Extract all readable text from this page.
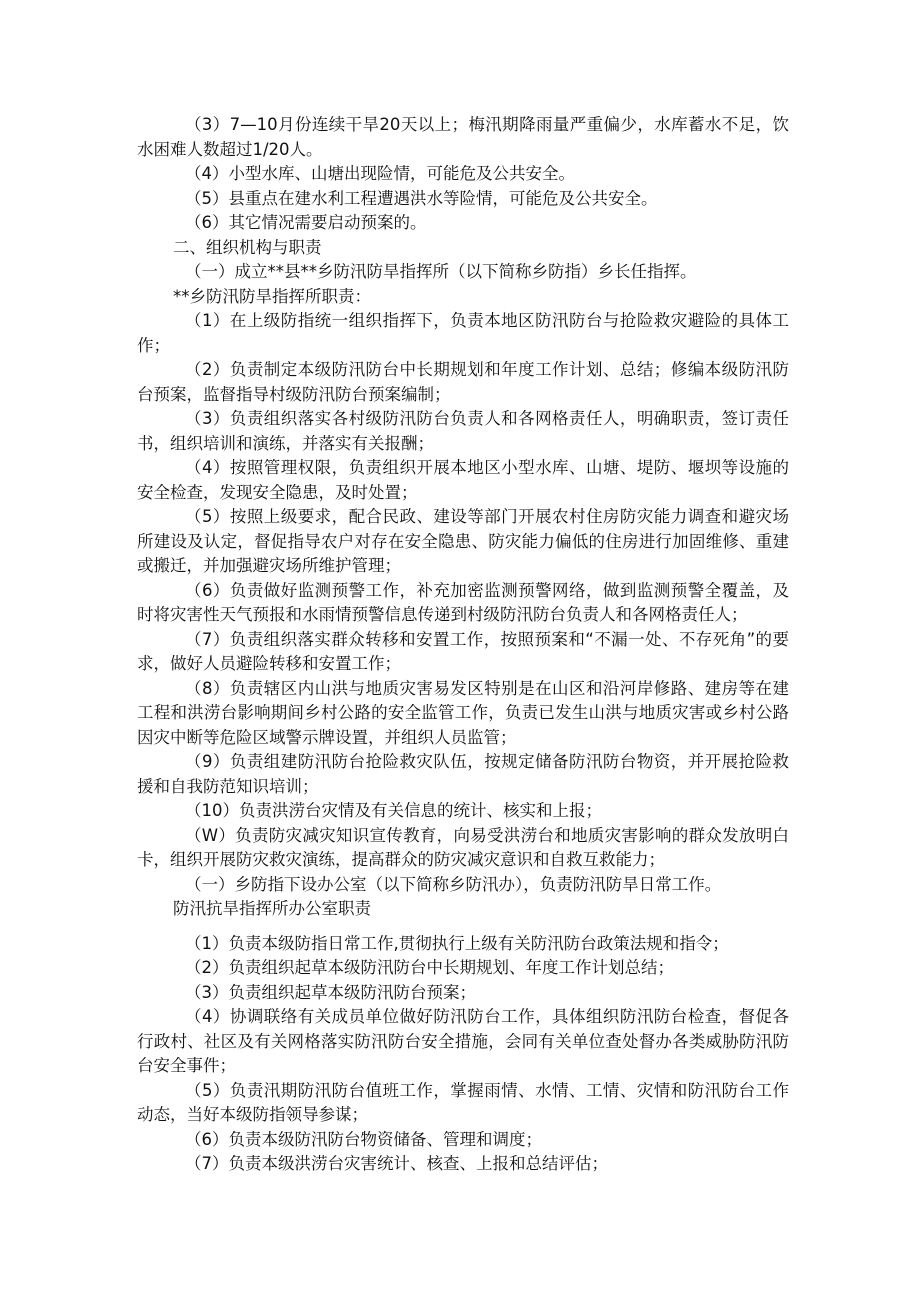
（3）7—10月份连续干旱20天以上；梅汛期降雨量严重偏少，水库蓄水不足，饮水困难人数超过1/20人。

（4）小型水库、山塘出现险情，可能危及公共安全。

（5）县重点在建水利工程遭遇洪水等险情，可能危及公共安全。

（6）其它情况需要启动预案的。

二、组织机构与职责

（一）成立**县**乡防汛防旱指挥所（以下简称乡防指）乡长任指挥。

**乡防汛防旱指挥所职责：

（1）在上级防指统一组织指挥下，负责本地区防汛防台与抢险救灾避险的具体工作；

（2）负责制定本级防汛防台中长期规划和年度工作计划、总结；修编本级防汛防台预案，监督指导村级防汛防台预案编制；

（3）负责组织落实各村级防汛防台负责人和各网格责任人，明确职责，签订责任书，组织培训和演练，并落实有关报酬；

（4）按照管理权限，负责组织开展本地区小型水库、山塘、堤防、堰坝等设施的安全检查，发现安全隐患，及时处置；

（5）按照上级要求，配合民政、建设等部门开展农村住房防灾能力调查和避灾场所建设及认定，督促指导农户对存在安全隐患、防灾能力偏低的住房进行加固维修、重建或搬迁，并加强避灾场所维护管理；

（6）负责做好监测预警工作，补充加密监测预警网络，做到监测预警全覆盖，及时将灾害性天气预报和水雨情预警信息传递到村级防汛防台负责人和各网格责任人；

（7）负责组织落实群众转移和安置工作，按照预案和“不漏一处、不存死角”的要求，做好人员避险转移和安置工作；

（8）负责辖区内山洪与地质灾害易发区特别是在山区和沿河岸修路、建房等在建工程和洪涝台影响期间乡村公路的安全监管工作，负责已发生山洪与地质灾害或乡村公路因灾中断等危险区域警示牌设置，并组织人员监管；

（9）负责组建防汛防台抢险救灾队伍，按规定储备防汛防台物资，并开展抢险救援和自我防范知识培训；

（10）负责洪涝台灾情及有关信息的统计、核实和上报；

（W）负责防灾减灾知识宣传教育，向易受洪涝台和地质灾害影响的群众发放明白卡，组织开展防灾救灾演练，提高群众的防灾减灾意识和自救互救能力；

（一）乡防指下设办公室（以下简称乡防汛办），负责防汛防旱日常工作。

防汛抗旱指挥所办公室职责

（1）负责本级防指日常工作,贯彻执行上级有关防汛防台政策法规和指令；

（2）负责组织起草本级防汛防台中长期规划、年度工作计划总结；

（3）负责组织起草本级防汛防台预案；

（4）协调联络有关成员单位做好防汛防台工作，具体组织防汛防台检查，督促各行政村、社区及有关网格落实防汛防台安全措施，会同有关单位查处督办各类威胁防汛防台安全事件；

（5）负责汛期防汛防台值班工作，掌握雨情、水情、工情、灾情和防汛防台工作动态，当好本级防指领导参谋；

（6）负责本级防汛防台物资储备、管理和调度；

（7）负责本级洪涝台灾害统计、核查、上报和总结评估；
